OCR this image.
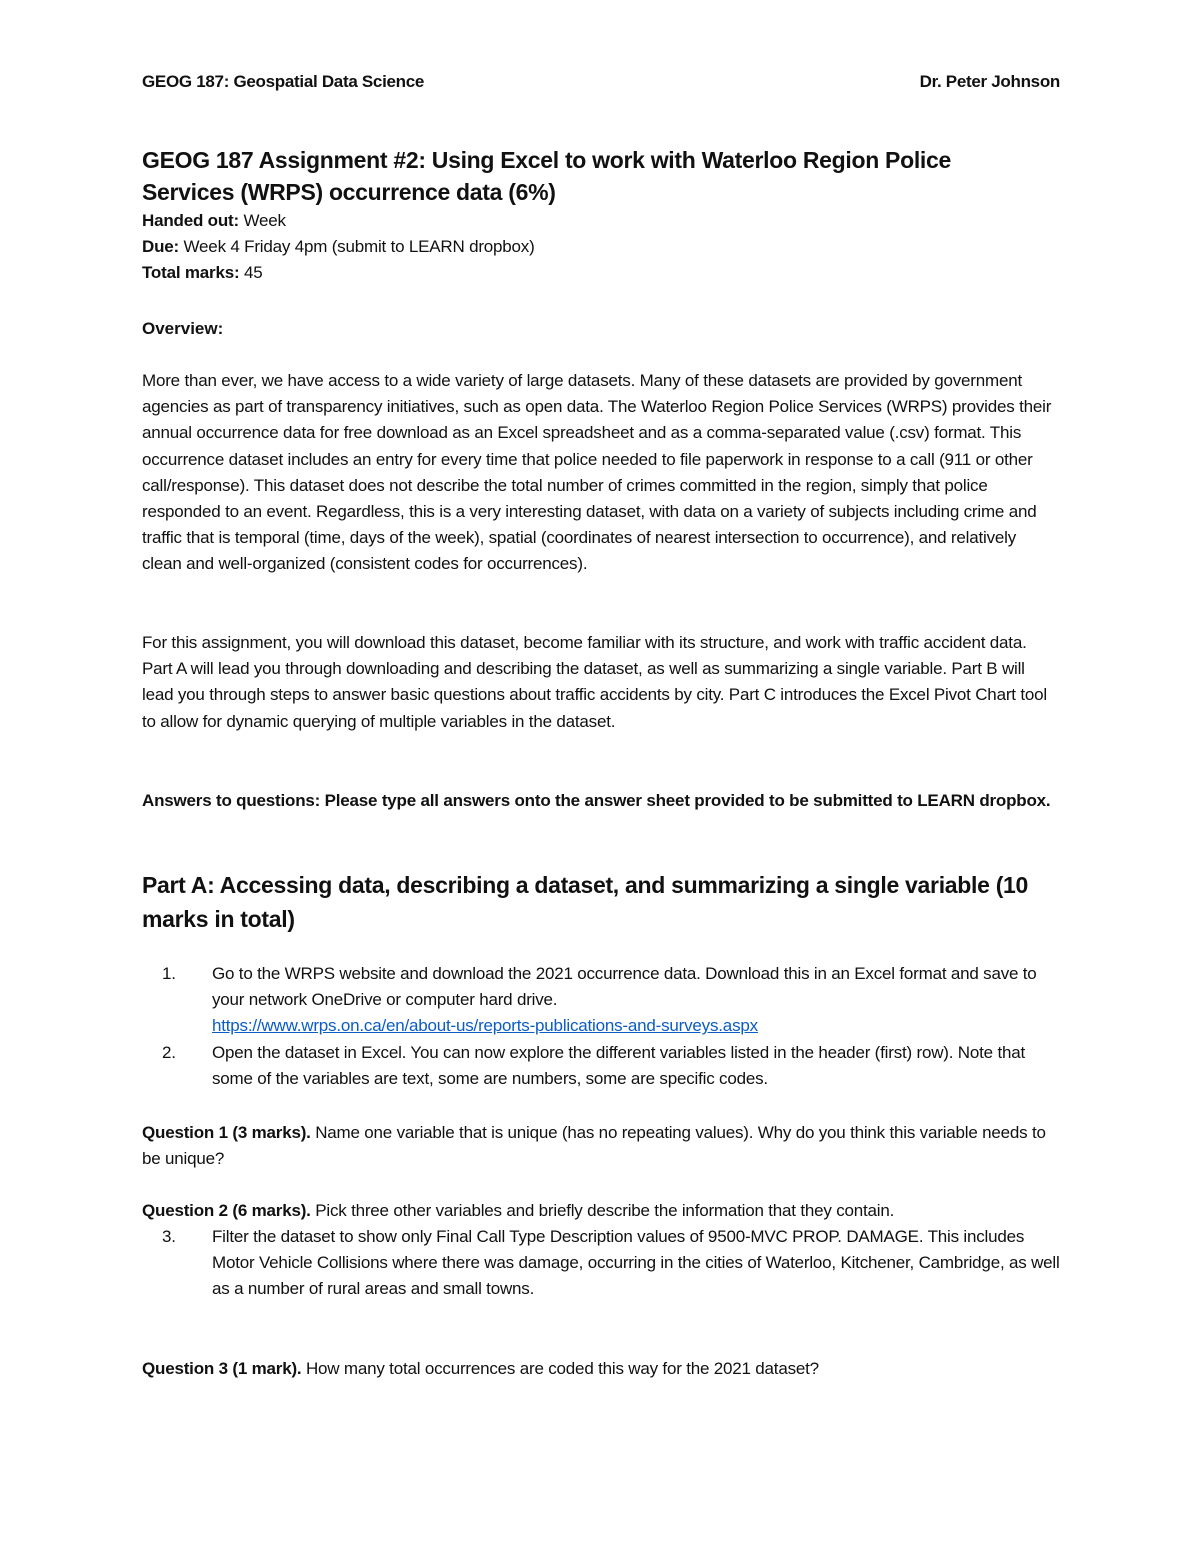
GEOG 187: Geospatial Data Science	Dr. Peter Johnson
GEOG 187 Assignment #2: Using Excel to work with Waterloo Region Police Services (WRPS) occurrence data (6%)
Handed out: Week
Due: Week 4 Friday 4pm (submit to LEARN dropbox)
Total marks: 45
Overview:

More than ever, we have access to a wide variety of large datasets. Many of these datasets are provided by government agencies as part of transparency initiatives, such as open data. The Waterloo Region Police Services (WRPS) provides their annual occurrence data for free download as an Excel spreadsheet and as a comma-separated value (.csv) format. This occurrence dataset includes an entry for every time that police needed to file paperwork in response to a call (911 or other call/response). This dataset does not describe the total number of crimes committed in the region, simply that police responded to an event. Regardless, this is a very interesting dataset, with data on a variety of subjects including crime and traffic that is temporal (time, days of the week), spatial (coordinates of nearest intersection to occurrence), and relatively clean and well-organized (consistent codes for occurrences).

For this assignment, you will download this dataset, become familiar with its structure, and work with traffic accident data. Part A will lead you through downloading and describing the dataset, as well as summarizing a single variable. Part B will lead you through steps to answer basic questions about traffic accidents by city. Part C introduces the Excel Pivot Chart tool to allow for dynamic querying of multiple variables in the dataset.

Answers to questions: Please type all answers onto the answer sheet provided to be submitted to LEARN dropbox.

Part A: Accessing data, describing a dataset, and summarizing a single variable (10 marks in total)
1. Go to the WRPS website and download the 2021 occurrence data. Download this in an Excel format and save to your network OneDrive or computer hard drive.
https://www.wrps.on.ca/en/about-us/reports-publications-and-surveys.aspx
2. Open the dataset in Excel. You can now explore the different variables listed in the header (first) row). Note that some of the variables are text, some are numbers, some are specific codes.
Question 1 (3 marks). Name one variable that is unique (has no repeating values). Why do you think this variable needs to be unique?
Question 2 (6 marks). Pick three other variables and briefly describe the information that they contain.
3. Filter the dataset to show only Final Call Type Description values of 9500-MVC PROP. DAMAGE. This includes Motor Vehicle Collisions where there was damage, occurring in the cities of Waterloo, Kitchener, Cambridge, as well as a number of rural areas and small towns.
Question 3 (1 mark). How many total occurrences are coded this way for the 2021 dataset?
